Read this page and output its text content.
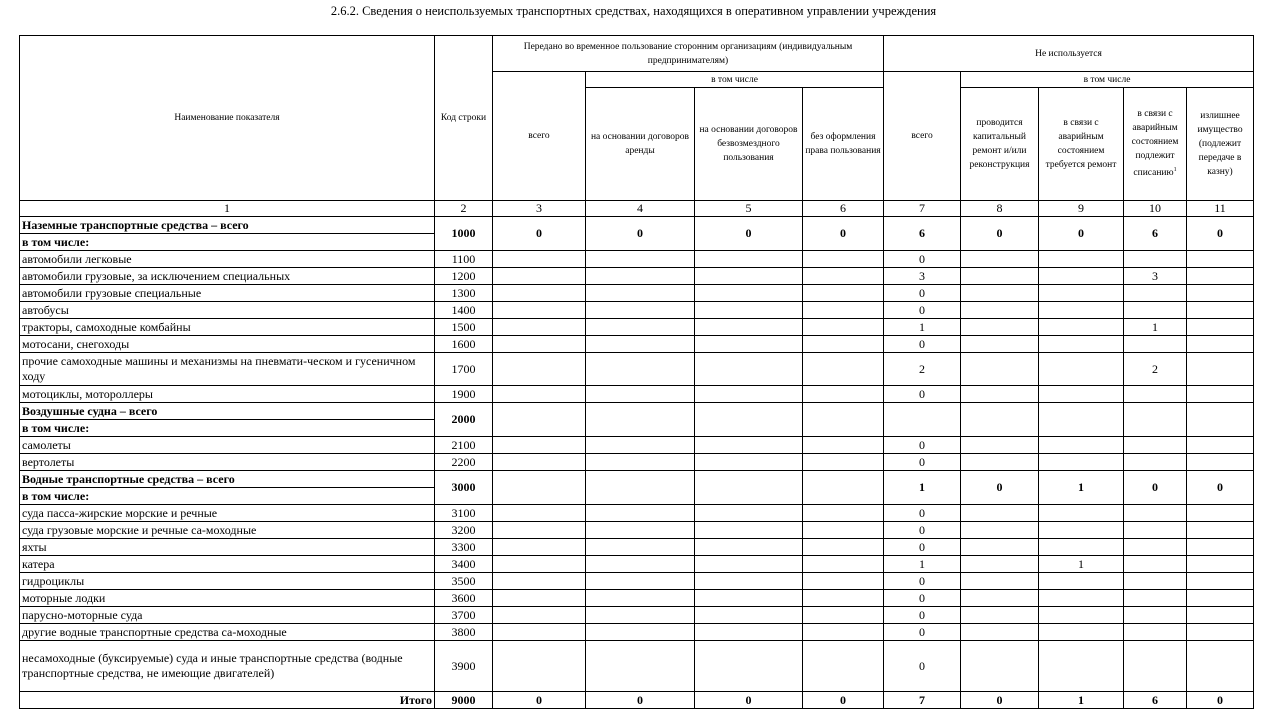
2.6.2. Сведения о неиспользуемых транспортных средствах, находящихся в оперативном управлении учреждения
Наименование показателя	Код строки	Передано во временное пользование сторонним организациям (индивидуальным предпринимателям)				Не используется				
		всего	в том числе			всего	в том числе			
			на основании договоров аренды	на основании договоров безвозмездного пользования	без оформления права пользования		проводится капитальный ремонт и/или реконструкция	в связи с аварийным состоянием требуется ремонт	в связи с аварийным состоянием подлежит списанию$^1$	излишнее имущество (подлежит передаче в казну)
1	2	3	4	5	6	7	8	9	10	11

Наземные транспортные средства – всего
в том числе:	1000	0	0	0	0	6	0	0	6	0
автомобили легковые	1100					0				
автомобили грузовые, за исключением специальных	1200					3			3	
автомобили грузовые специальные	1300					0				
автобусы	1400					0				
тракторы, самоходные комбайны	1500					1			1	
мотосани, снегоходы	1600					0				
прочие самоходные машины и механизмы на пневмати-ческом и гусеничном ходу	1700					2			2	
мотоциклы, мотороллеры	1900					0				

Воздушные судна – всего
в том числе:	2000									
самолеты	2100					0				
вертолеты	2200					0				

Водные транспортные средства – всего
в том числе:	3000					1	0	1	0	0
суда пасса-жирские морские и речные	3100					0				
суда грузовые морские и речные са-моходные	3200					0				
яхты	3300					0				
катера	3400					1		1		
гидроциклы	3500					0				
моторные лодки	3600					0				
парусно-моторные суда	3700					0				
другие водные транспортные средства са-моходные	3800					0				
несамоходные (буксируемые) суда и иные транспортные средства (водные транспортные средства, не имеющие двигателей)	3900					0				
Итого	9000	0	0	0	0	7	0	1	6	0
